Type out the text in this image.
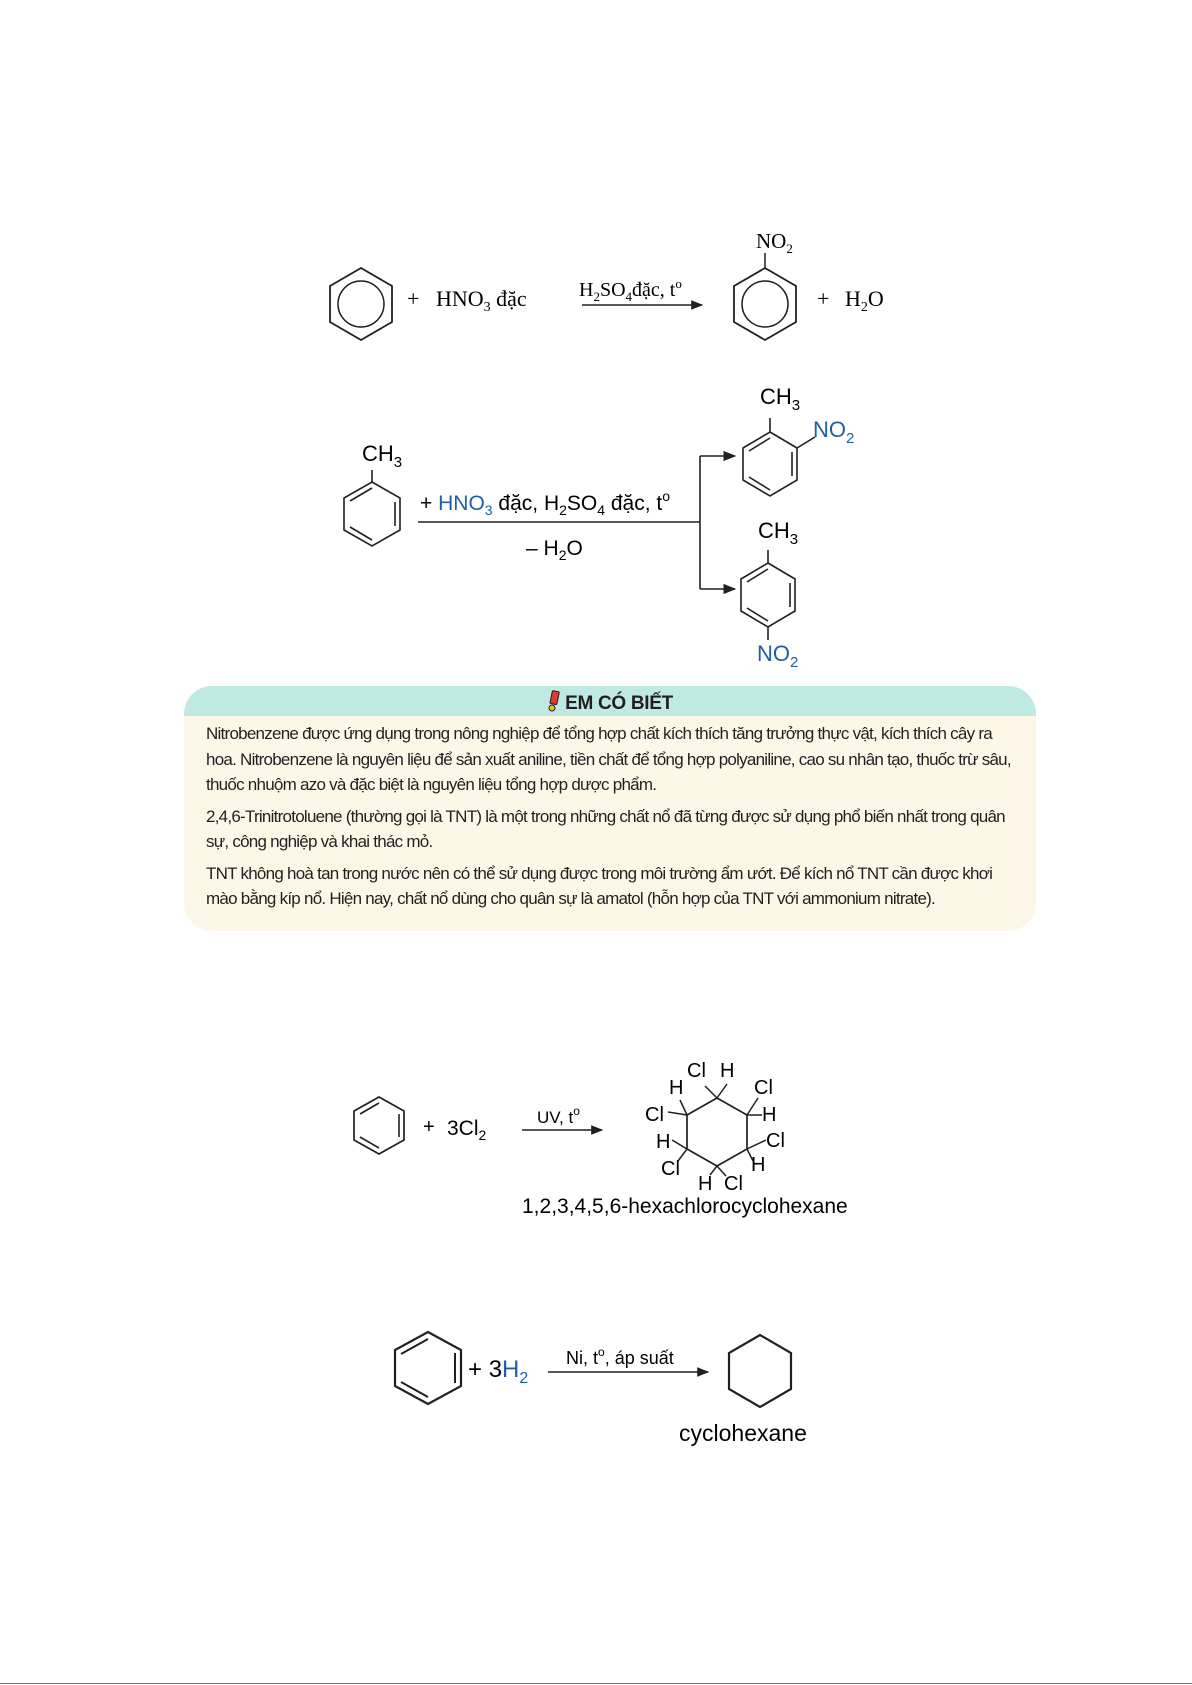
+ $HNO_3$ đặc	$H_2SO_4đặc$, $t^o$
$NO_2$
+ $H_2O$
$CH_3$
+ $HNO_3$ đặc, $H_2SO_4$ đặc, $t^o$
– $H_2O$
$CH_3$
$NO_2$
$CH_3$
$NO_2$
+ $3Cl_2$
UV, $t^o$
Cl H
H	Cl
Cl	H
H	Cl
Cl	H
H Cl
1,2,3,4,5,6-hexachlorocyclohexane
+ $3H_2$
Ni, $t^o$, áp suất
cyclohexane
EM CÓ BIẾT

Nitrobenzene được ứng dụng trong nông nghiệp để tổng hợp chất kích thích tăng trưởng thực vật, kích thích cây ra hoa. Nitrobenzene là nguyên liệu để sản xuất aniline, tiền chất để tổng hợp polyaniline, cao su nhân tạo, thuốc trừ sâu, thuốc nhuộm azo và đặc biệt là nguyên liệu tổng hợp dược phẩm.

2,4,6-Trinitrotoluene (thường gọi là TNT) là một trong những chất nổ đã từng được sử dụng phổ biến nhất trong quân sự, công nghiệp và khai thác mỏ.

TNT không hoà tan trong nước nên có thể sử dụng được trong môi trường ẩm ướt. Để kích nổ TNT cần được khơi mào bằng kíp nổ. Hiện nay, chất nổ dùng cho quân sự là amatol (hỗn hợp của TNT với ammonium nitrate).
